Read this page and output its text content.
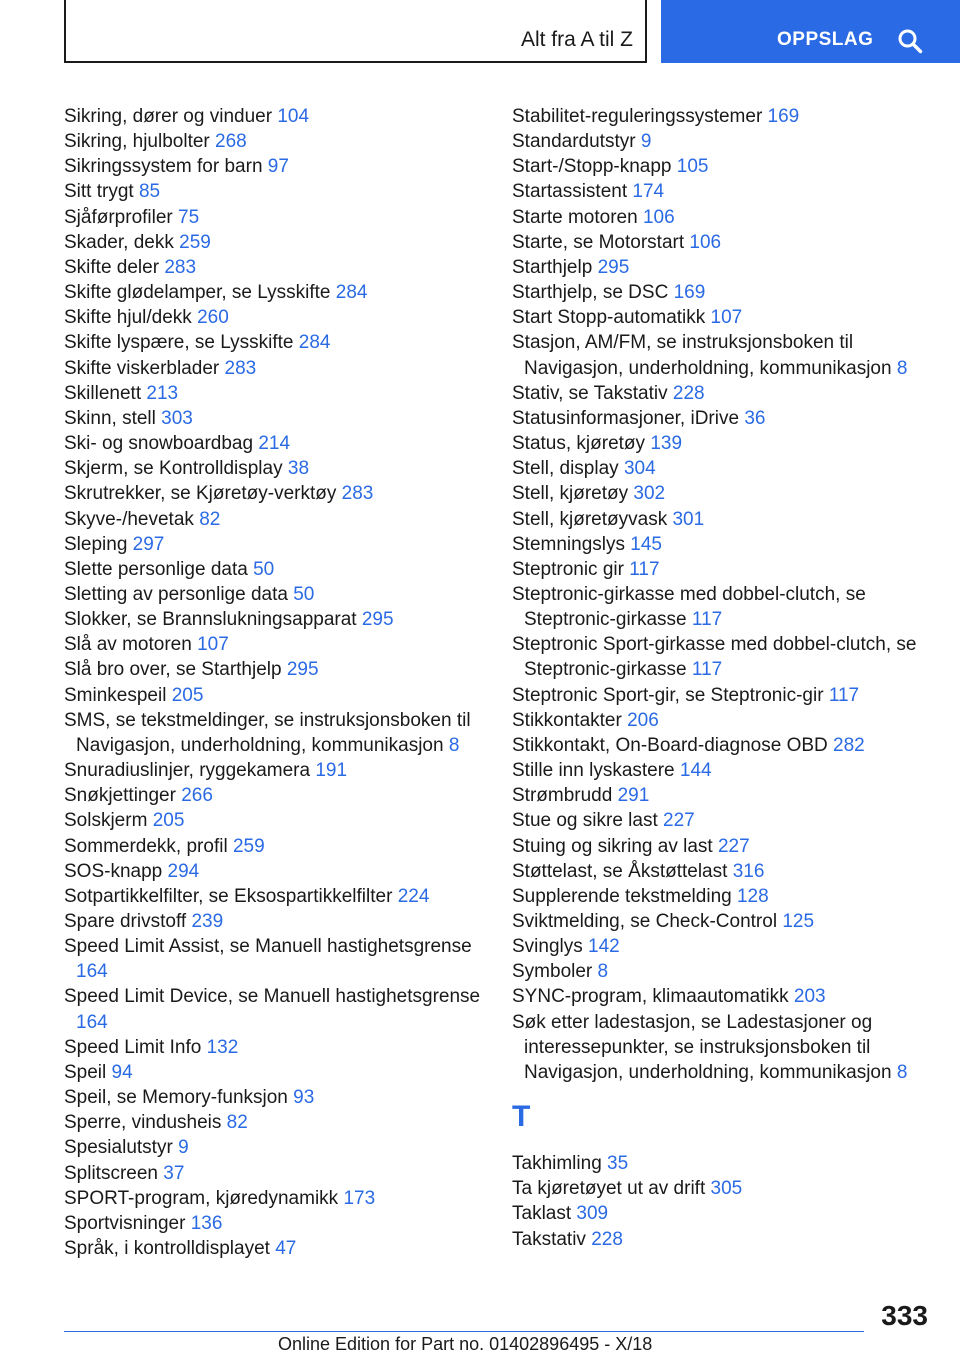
Alt fra A til Z	OPPSLAG

Sikring, dører og vinduer 104

Sikring, hjulbolter 268

Sikringssystem for barn 97

Sitt trygt 85

Sjåførprofiler 75

Skader, dekk 259

Skifte deler 283

Skifte glødelamper, se Lysskifte 284

Skifte hjul/dekk 260

Skifte lyspære, se Lysskifte 284

Skifte viskerblader 283

Skillenett 213

Skinn, stell 303

Ski- og snowboardbag 214

Skjerm, se Kontrolldisplay 38

Skrutrekker, se Kjøretøy-verktøy 283

Skyve-/hevetak 82

Sleping 297

Slette personlige data 50

Sletting av personlige data 50

Slokker, se Brannslukningsapparat 295

Slå av motoren 107

Slå bro over, se Starthjelp 295

Sminkespeil 205

SMS, se tekstmeldinger, se instruksjonsboken til Navigasjon, underholdning, kommunikasjon 8

Snuradiuslinjer, ryggekamera 191

Snøkjettinger 266

Solskjerm 205

Sommerdekk, profil 259

SOS-knapp 294

Sotpartikkelfilter, se Eksospartikkelfilter 224

Spare drivstoff 239

Speed Limit Assist, se Manuell hastighetsgrense 164

Speed Limit Device, se Manuell hastighetsgrense 164

Speed Limit Info 132

Speil 94

Speil, se Memory-funksjon 93

Sperre, vindusheis 82

Spesialutstyr 9

Splitscreen 37

SPORT-program, kjøredynamikk 173

Sportvisninger 136

Språk, i kontrolldisplayet 47

Stabilitet-reguleringssystemer 169

Standardutstyr 9

Start-/Stopp-knapp 105

Startassistent 174

Starte motoren 106

Starte, se Motorstart 106

Starthjelp 295

Starthjelp, se DSC 169

Start Stopp-automatikk 107

Stasjon, AM/FM, se instruksjonsboken til Navigasjon, underholdning, kommunikasjon 8

Stativ, se Takstativ 228

Statusinformasjoner, iDrive 36

Status, kjøretøy 139

Stell, display 304

Stell, kjøretøy 302

Stell, kjøretøyvask 301

Stemningslys 145

Steptronic gir 117

Steptronic-girkasse med dobbel-clutch, se Steptronic-girkasse 117

Steptronic Sport-girkasse med dobbel-clutch, se Steptronic-girkasse 117

Steptronic Sport-gir, se Steptronic-gir 117

Stikkontakter 206

Stikkontakt, On-Board-diagnose OBD 282

Stille inn lyskastere 144

Strømbrudd 291

Stue og sikre last 227

Stuing og sikring av last 227

Støttelast, se Åkstøttelast 316

Supplerende tekstmelding 128

Sviktmelding, se Check-Control 125

Svinglys 142

Symboler 8

SYNC-program, klimaautomatikk 203

Søk etter ladestasjon, se Ladestasjoner og interessepunkter, se instruksjonsboken til Navigasjon, underholdning, kommunikasjon 8

T

Takhimling 35

Ta kjøretøyet ut av drift 305

Taklast 309

Takstativ 228

333
Online Edition for Part no. 01402896495 - X/18
